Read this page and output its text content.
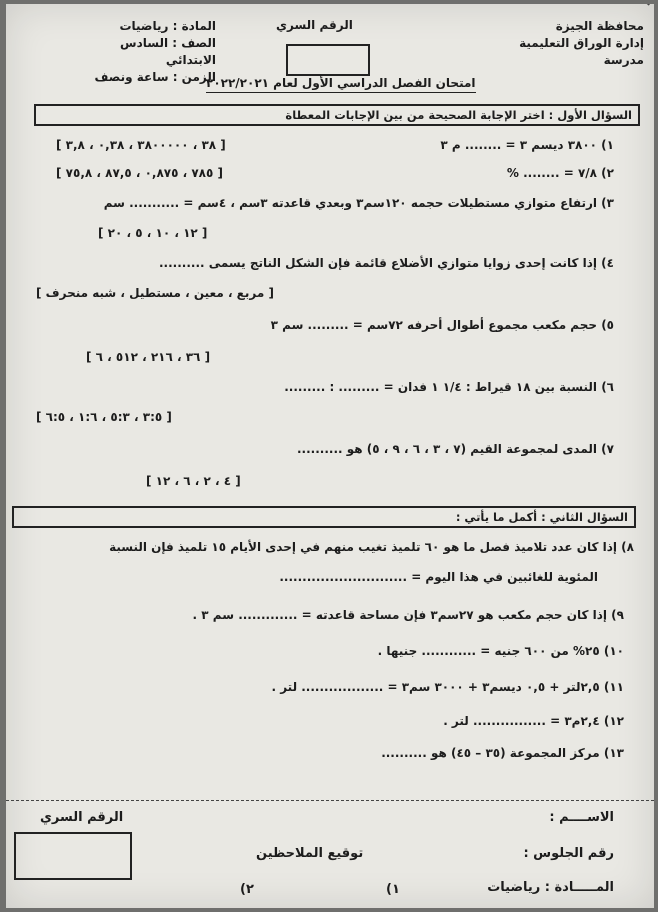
محافظة الجيزة
إدارة الوراق التعليمية
مدرسة
الرقم السري
المادة : رياضيات
الصف : السادس الابتدائي
الزمن : ساعة ونصف
امتحان الفصل الدراسي الأول لعام ٢٠٢٢/٢٠٢١
السؤال الأول : اختر الإجابة الصحيحة من بين الإجابات المعطاة
١) ٣٨٠٠ ديسم ٣ = ........ م ٣
[ ٣٨ ، ٣٨٠٠٠٠٠ ، ٠,٣٨ ، ٣,٨ ]
٢) ٧/٨ = ........ %
[ ٧٨٥ ، ٠,٨٧٥ ، ٨٧,٥ ، ٧٥,٨ ]
٣) ارتفاع متوازي مستطيلات حجمه ١٢٠سم٣ وبعدي قاعدته ٣سم ، ٤سم = ........... سم
[ ١٢ ، ١٠ ، ٥ ، ٢٠ ]
٤) إذا كانت إحدى زوايا متوازي الأضلاع قائمة فإن الشكل الناتج يسمى ..........
[ مربع ، معين ، مستطيل ، شبه منحرف ]
٥) حجم مكعب مجموع أطوال أحرفه ٧٢سم = ......... سم ٣
[ ٣٦ ، ٢١٦ ، ٥١٢ ، ٦ ]
٦) النسبة بين ١٨ قيراط : ١/٤ ١ فدان = ......... : .........
[ ٣:٥ ، ٥:٣ ، ١:٦ ، ٦:٥ ]
٧) المدى لمجموعة القيم (٧ ، ٣ ، ٦ ، ٩ ، ٥) هو ..........
[ ٤ ، ٢ ، ٦ ، ١٢ ]
السؤال الثاني : أكمل ما يأتي :
٨) إذا كان عدد تلاميذ فصل ما هو ٦٠ تلميذ تغيب منهم في إحدى الأيام ١٥ تلميذ فإن النسبة
المئوية للغائبين في هذا اليوم = ............................
٩) إذا كان حجم مكعب هو ٢٧سم٣ فإن مساحة قاعدته = ............. سم ٣ .
١٠) ٢٥% من ٦٠٠ جنيه = ............ جنيها .
١١) ٢,٥لتر + ٠,٥ ديسم٣ + ٣٠٠٠ سم٣ = .................. لتر .
١٢) ٢,٤م٣ = ................ لتر .
١٣) مركز المجموعة (٣٥ – ٤٥) هو ..........
الاســــم :
رقم الجلوس :
المـــــادة : رياضيات
الرقم السري
توقيع الملاحظين
١)
٢)
